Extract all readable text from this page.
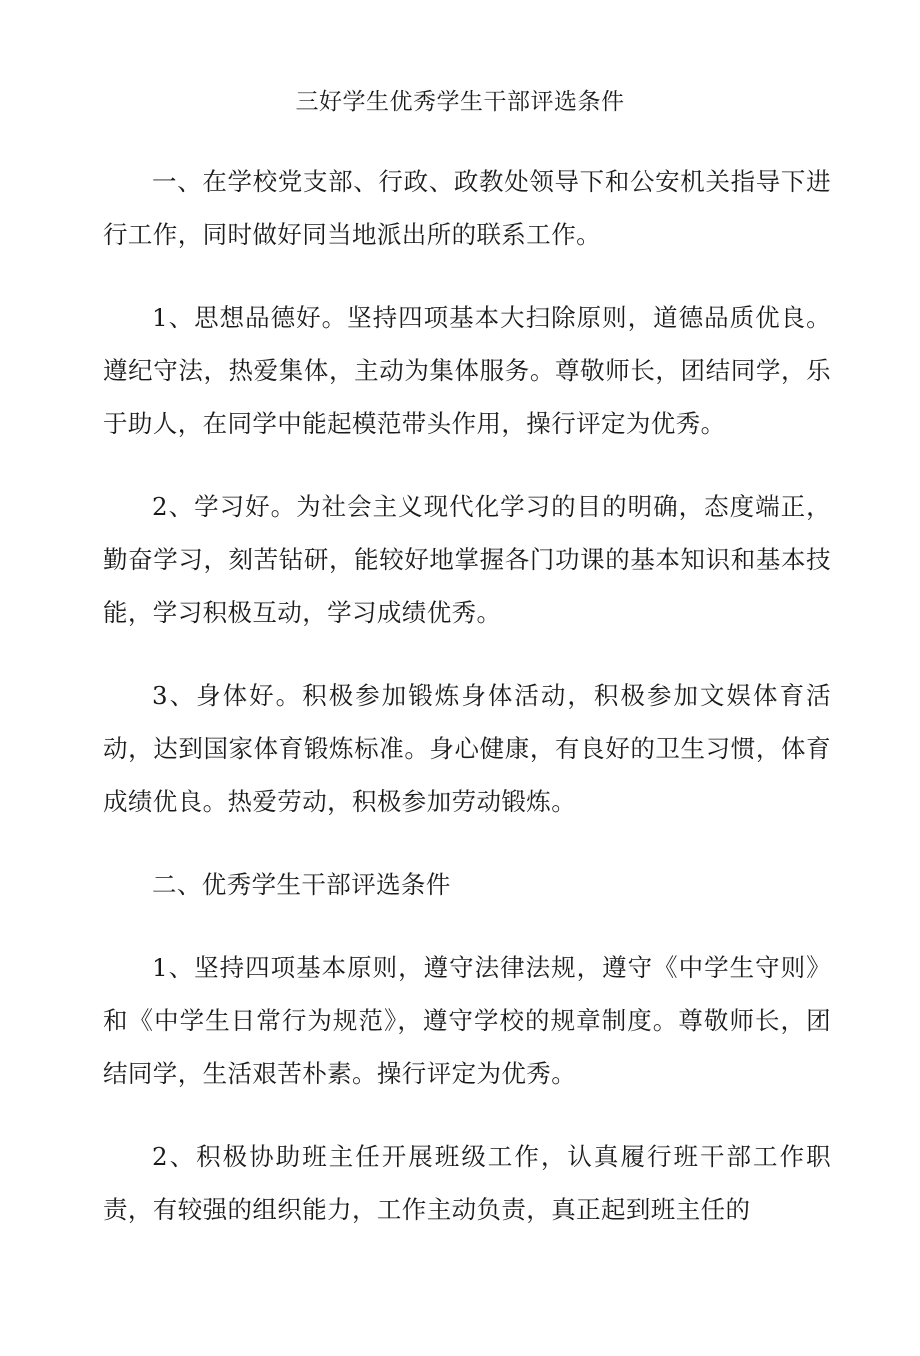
三好学生优秀学生干部评选条件

一、在学校党支部、行政、政教处领导下和公安机关指导下进行工作，同时做好同当地派出所的联系工作。

1、思想品德好。坚持四项基本大扫除原则，道德品质优良。遵纪守法，热爱集体，主动为集体服务。尊敬师长，团结同学，乐于助人，在同学中能起模范带头作用，操行评定为优秀。

2、学习好。为社会主义现代化学习的目的明确，态度端正，勤奋学习，刻苦钻研，能较好地掌握各门功课的基本知识和基本技能，学习积极互动，学习成绩优秀。

3、身体好。积极参加锻炼身体活动，积极参加文娱体育活动，达到国家体育锻炼标准。身心健康，有良好的卫生习惯，体育成绩优良。热爱劳动，积极参加劳动锻炼。

二、优秀学生干部评选条件

1、坚持四项基本原则，遵守法律法规，遵守《中学生守则》和《中学生日常行为规范》，遵守学校的规章制度。尊敬师长，团结同学，生活艰苦朴素。操行评定为优秀。

2、积极协助班主任开展班级工作，认真履行班干部工作职责，有较强的组织能力，工作主动负责，真正起到班主任的
